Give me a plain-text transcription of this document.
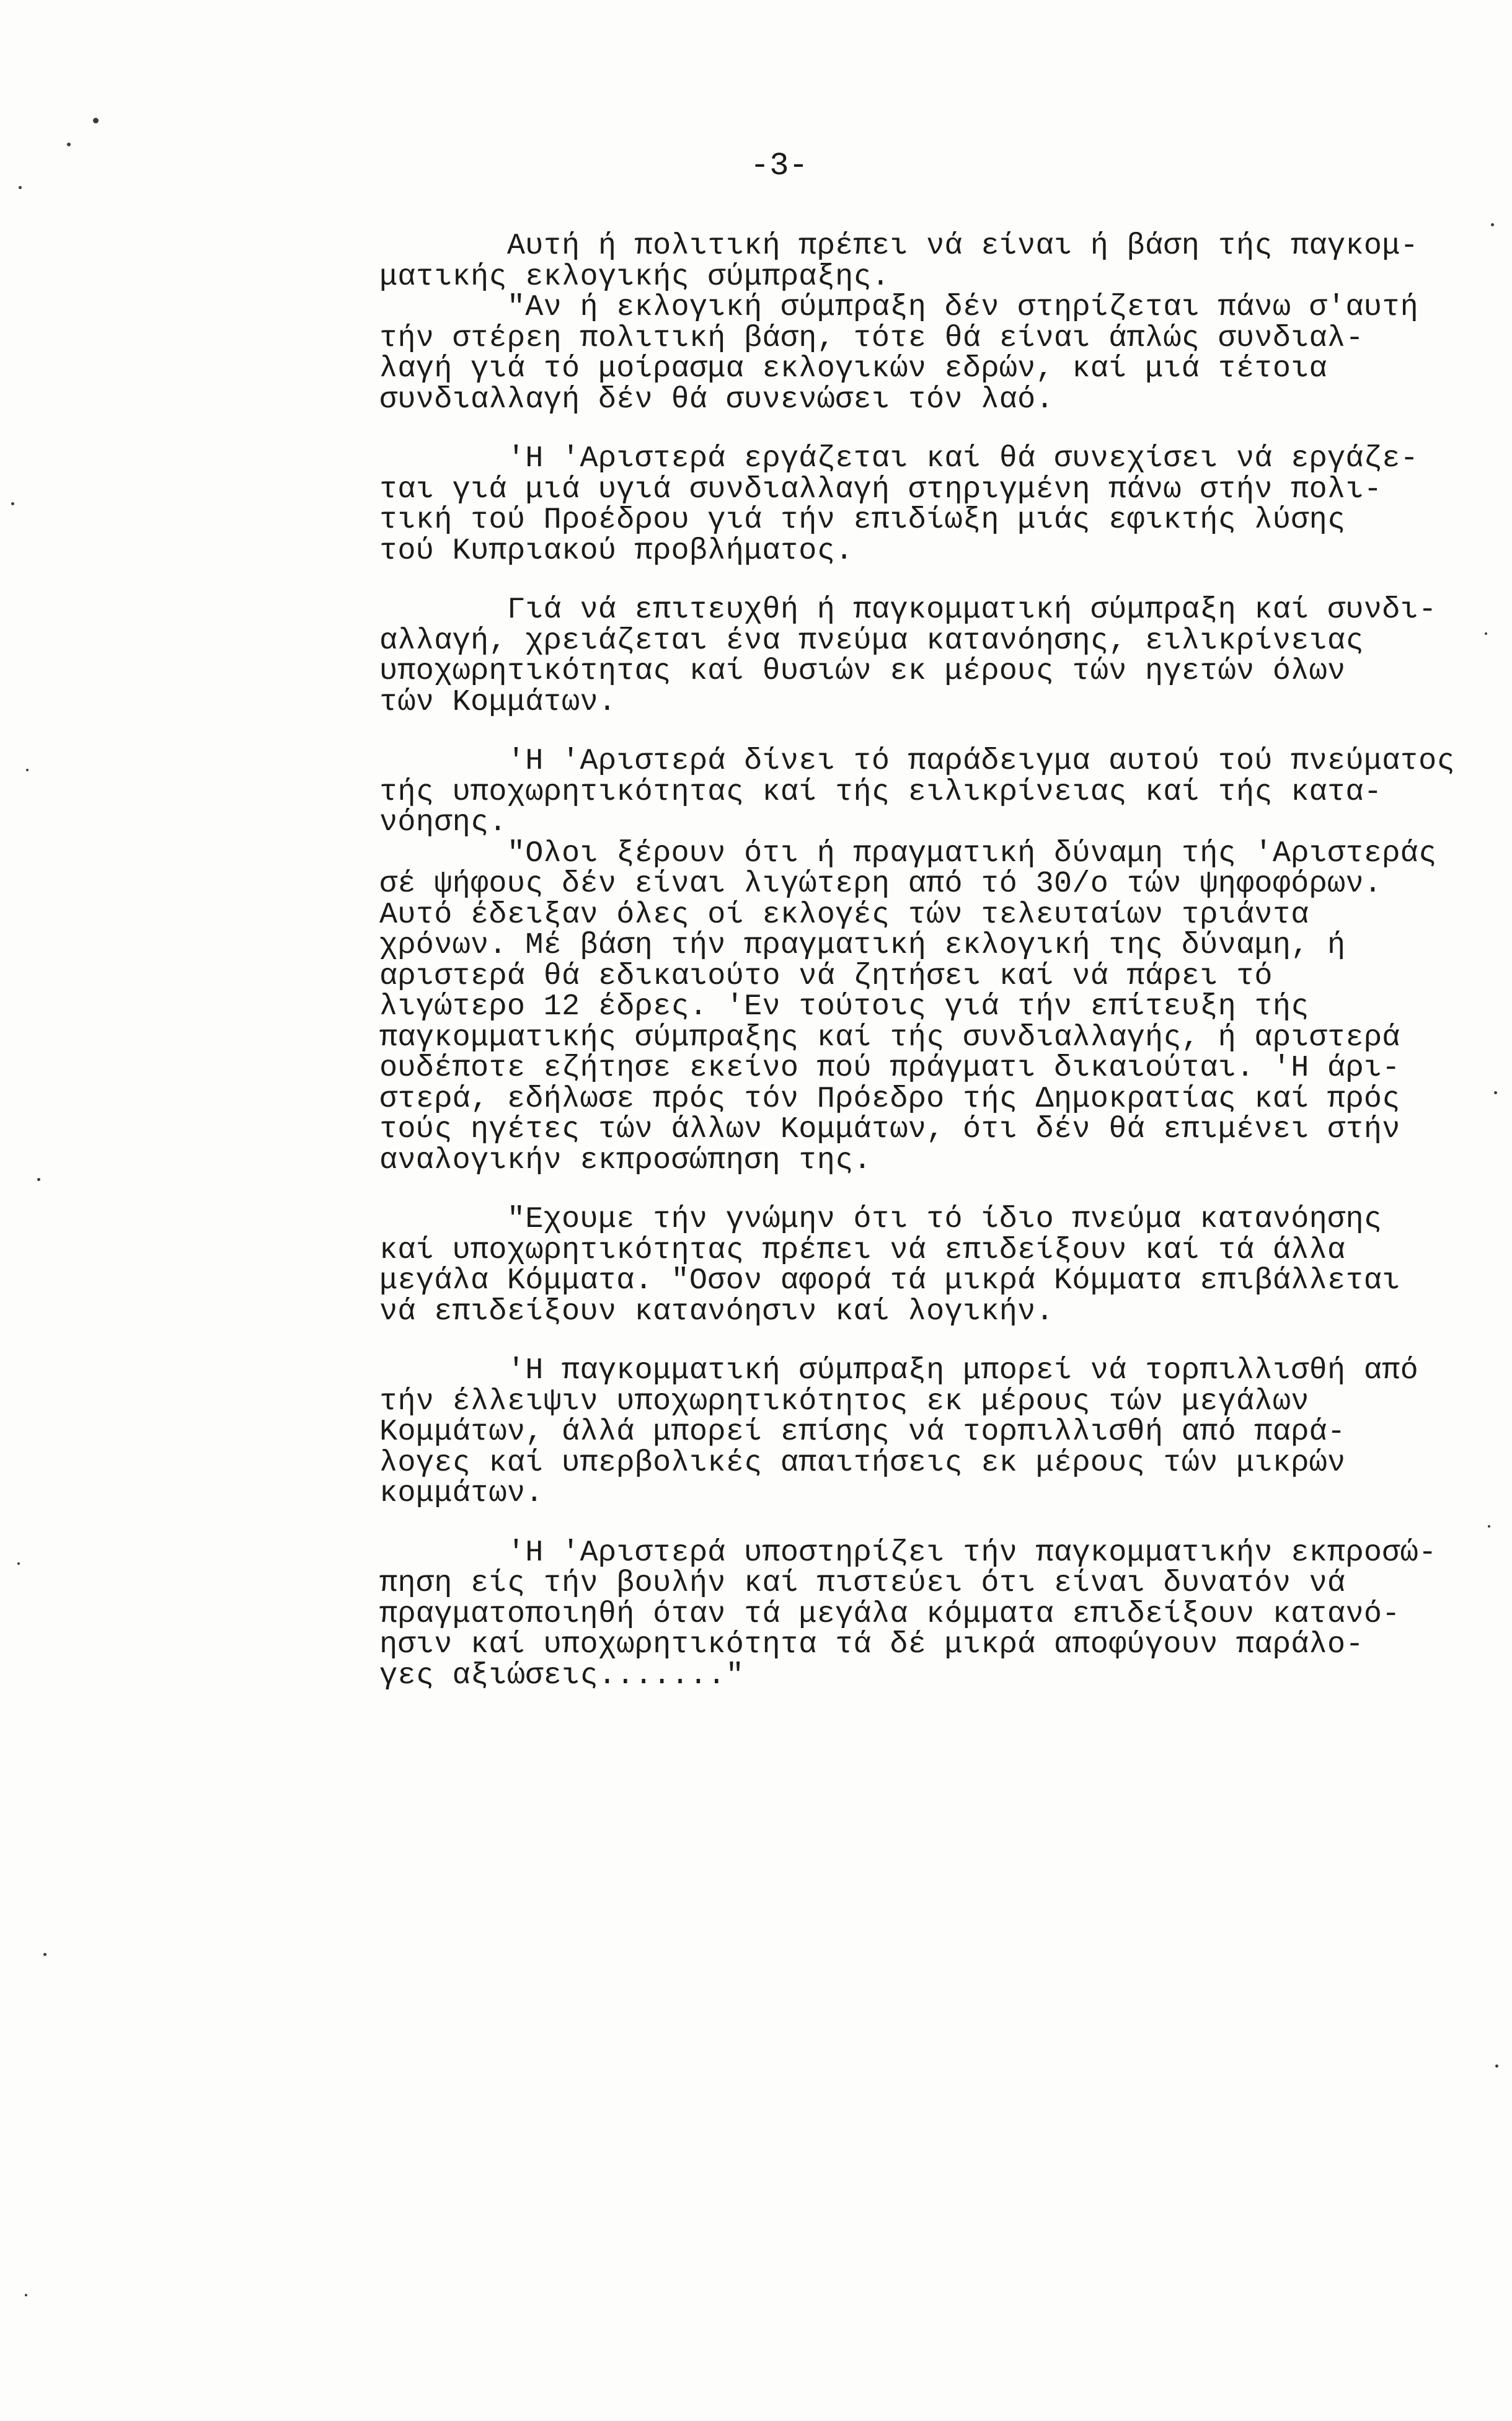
-3-
Αυτή ή πολιτική πρέπει νά είναι ή βάση τής παγκομ-
ματικής εκλογικής σύμπραξης.
"Αν ή εκλογική σύμπραξη δέν στηρίζεται πάνω σ'αυτή
τήν στέρεη πολιτική βάση, τότε θά είναι άπλώς συνδιαλ-
λαγή γιά τό μοίρασμα εκλογικών εδρών, καί μιά τέτοια
συνδιαλλαγή δέν θά συνενώσει τόν λαό.
'Η 'Αριστερά εργάζεται καί θά συνεχίσει νά εργάζε-
ται γιά μιά υγιά συνδιαλλαγή στηριγμένη πάνω στήν πολι-
τική τού Προέδρου γιά τήν επιδίωξη μιάς εφικτής λύσης
τού Κυπριακού προβλήματος.
Γιά νά επιτευχθή ή παγκομματική σύμπραξη καί συνδι-
αλλαγή, χρειάζεται ένα πνεύμα κατανόησης, ειλικρίνειας
υποχωρητικότητας καί θυσιών εκ μέρους τών ηγετών όλων
τών Κομμάτων.
'Η 'Αριστερά δίνει τό παράδειγμα αυτού τού πνεύματος
τής υποχωρητικότητας καί τής ειλικρίνειας καί τής κατα-
νόησης.
"Ολοι ξέρουν ότι ή πραγματική δύναμη τής 'Αριστεράς
σέ ψήφους δέν είναι λιγώτερη από τό 30/ο τών ψηφοφόρων.
Αυτό έδειξαν όλες οί εκλογές τών τελευταίων τριάντα
χρόνων. Μέ βάση τήν πραγματική εκλογική της δύναμη, ή
αριστερά θά εδικαιούτο νά ζητήσει καί νά πάρει τό
λιγώτερο 12 έδρες. 'Εν τούτοις γιά τήν επίτευξη τής
παγκομματικής σύμπραξης καί τής συνδιαλλαγής, ή αριστερά
ουδέποτε εζήτησε εκείνο πού πράγματι δικαιούται. 'Η άρι-
στερά, εδήλωσε πρός τόν Πρόεδρο τής Δημοκρατίας καί πρός
τούς ηγέτες τών άλλων Κομμάτων, ότι δέν θά επιμένει στήν
αναλογικήν εκπροσώπηση της.
"Εχουμε τήν γνώμην ότι τό ίδιο πνεύμα κατανόησης
καί υποχωρητικότητας πρέπει νά επιδείξουν καί τά άλλα
μεγάλα Κόμματα. "Οσον αφορά τά μικρά Κόμματα επιβάλλεται
νά επιδείξουν κατανόησιν καί λογικήν.
'Η παγκομματική σύμπραξη μπορεί νά τορπιλλισθή από
τήν έλλειψιν υποχωρητικότητος εκ μέρους τών μεγάλων
Κομμάτων, άλλά μπορεί επίσης νά τορπιλλισθή από παρά-
λογες καί υπερβολικές απαιτήσεις εκ μέρους τών μικρών
κομμάτων.
'Η 'Αριστερά υποστηρίζει τήν παγκομματικήν εκπροσώ-
πηση είς τήν βουλήν καί πιστεύει ότι είναι δυνατόν νά
πραγματοποιηθή όταν τά μεγάλα κόμματα επιδείξουν κατανό-
ησιν καί υποχωρητικότητα τά δέ μικρά αποφύγουν παράλο-
γες αξιώσεις......."
